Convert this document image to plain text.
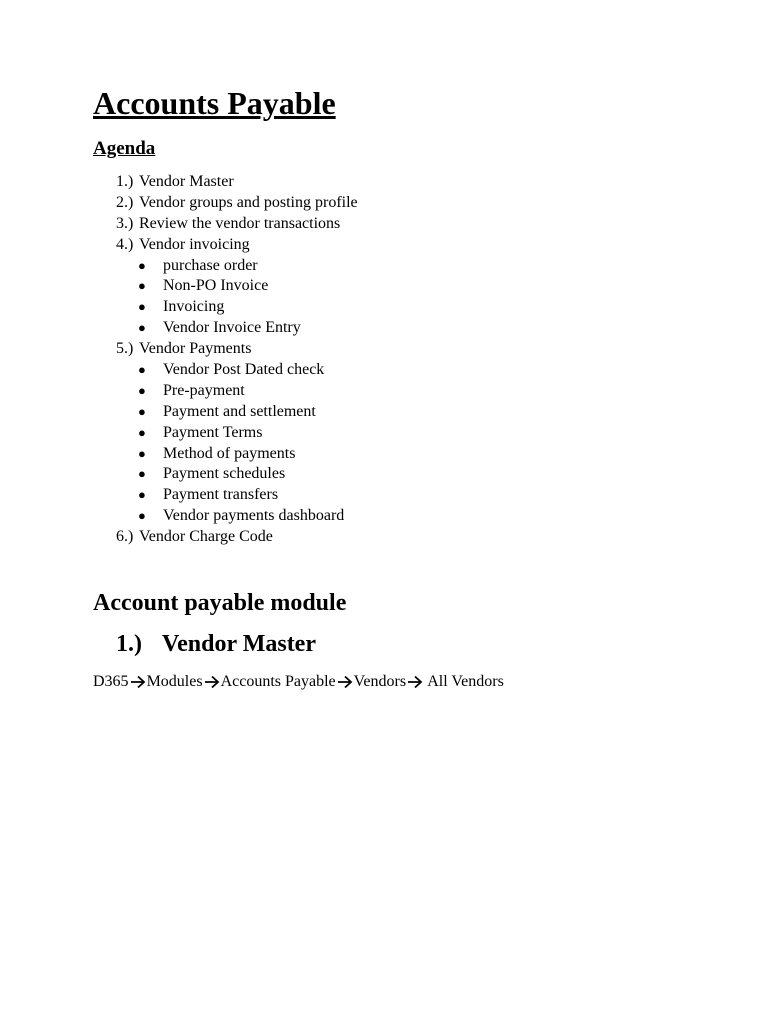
Accounts Payable
Agenda
1.) Vendor Master
2.) Vendor groups and posting profile
3.) Review the vendor transactions
4.) Vendor invoicing
● purchase order
● Non-PO Invoice
● Invoicing
● Vendor Invoice Entry
5.) Vendor Payments
● Vendor Post Dated check
● Pre-payment
● Payment and settlement
● Payment Terms
● Method of payments
● Payment schedules
● Payment transfers
● Vendor payments dashboard
6.) Vendor Charge Code
Account payable module
1.) Vendor Master
D365 Modules Accounts Payable Vendors All Vendors
